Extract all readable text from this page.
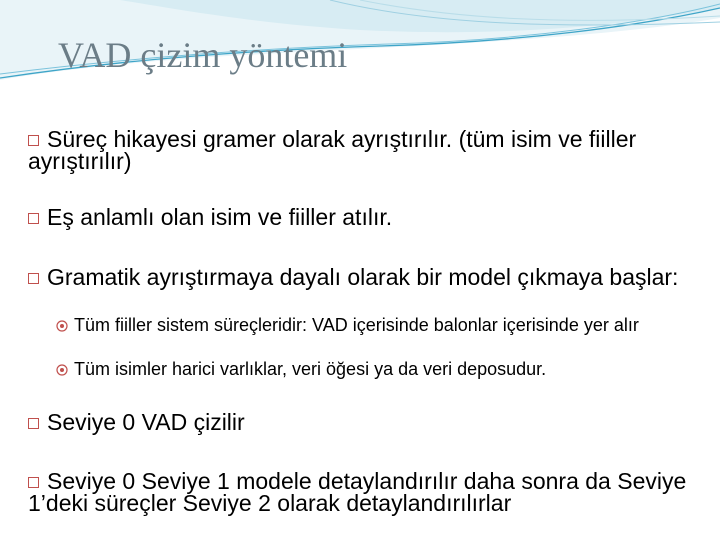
VAD çizim yöntemi
Süreç hikayesi gramer olarak ayrıştırılır. (tüm isim ve fiiller ayrıştırılır)
Eş anlamlı olan isim ve fiiller atılır.
Gramatik ayrıştırmaya dayalı olarak bir model çıkmaya başlar:
Tüm fiiller sistem süreçleridir: VAD içerisinde balonlar içerisinde yer alır
Tüm isimler harici varlıklar, veri öğesi ya da veri deposudur.
Seviye 0 VAD çizilir
Seviye 0 Seviye 1 modele detaylandırılır daha sonra da Seviye 1’deki süreçler Seviye 2 olarak detaylandırılırlar
